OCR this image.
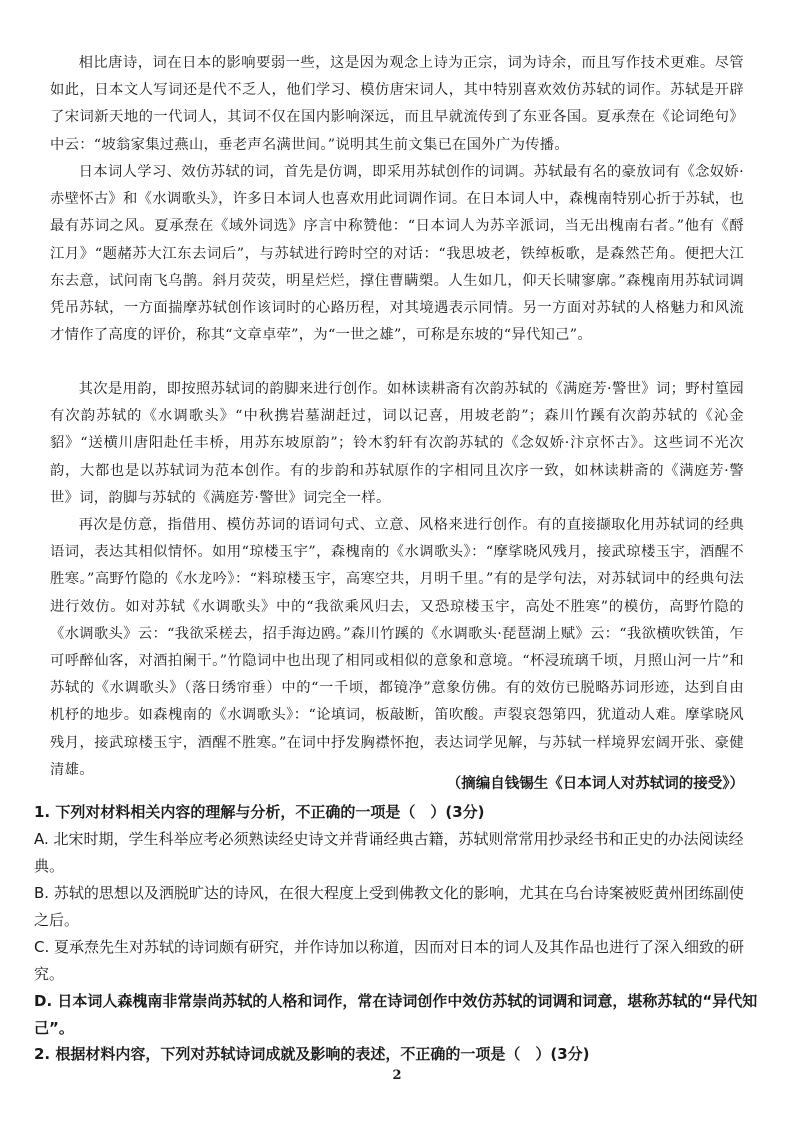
相比唐诗，词在日本的影响要弱一些，这是因为观念上诗为正宗，词为诗余，而且写作技术更难。尽管如此，日本文人写词还是代不乏人，他们学习、模仿唐宋词人，其中特别喜欢效仿苏轼的词作。苏轼是开辟了宋词新天地的一代词人，其词不仅在国内影响深远，而且早就流传到了东亚各国。夏承焘在《论词绝句》中云：“坡翁家集过燕山，垂老声名满世间。”说明其生前文集已在国外广为传播。

日本词人学习、效仿苏轼的词，首先是仿调，即采用苏轼创作的词调。苏轼最有名的豪放词有《念奴娇·赤壁怀古》和《水调歌头》，许多日本词人也喜欢用此词调作词。在日本词人中，森槐南特别心折于苏轼，也最有苏词之风。夏承焘在《域外词选》序言中称赞他：“日本词人为苏辛派词，当无出槐南右者。”他有《酹江月》“题赭苏大江东去词后”，与苏轼进行跨时空的对话：“我思坡老，铁绰板歌，是森然芒角。便把大江东去意，试问南飞乌鹊。斜月荧荧，明星烂烂，撑住曹瞒槊。人生如几，仰天长啸寥廓。”森槐南用苏轼词调凭吊苏轼，一方面揣摩苏轼创作该词时的心路历程，对其境遇表示同情。另一方面对苏轼的人格魅力和风流才情作了高度的评价，称其“文章卓荦”，为“一世之雄”，可称是东坡的“异代知己”。

其次是用韵，即按照苏轼词的韵脚来进行创作。如林读耕斋有次韵苏轼的《满庭芳·警世》词；野村篁园有次韵苏轼的《水调歌头》“中秋携岩墓湖赶过，词以记喜，用坡老韵”；森川竹蹊有次韵苏轼的《沁金貂》“送横川唐阳赴任丰桥，用苏东坡原韵”；铃木豹轩有次韵苏轼的《念奴娇·汴京怀古》。这些词不光次韵，大都也是以苏轼词为范本创作。有的步韵和苏轼原作的字相同且次序一致，如林读耕斋的《满庭芳·警世》词，韵脚与苏轼的《满庭芳·警世》词完全一样。

再次是仿意，指借用、模仿苏词的语词句式、立意、风格来进行创作。有的直接撷取化用苏轼词的经典语词，表达其相似情怀。如用“琼楼玉宇”，森槐南的《水调歌头》：“摩挲晓风残月，接武琼楼玉宇，酒醒不胜寒。”高野竹隐的《水龙吟》：“料琼楼玉宇，高寒空共，月明千里。”有的是学句法，对苏轼词中的经典句法进行效仿。如对苏轼《水调歌头》中的“我欲乘风归去，又恐琼楼玉宇，高处不胜寒”的模仿，高野竹隐的《水调歌头》云：“我欲采槎去，招手海边鸥。”森川竹蹊的《水调歌头·琵琶湖上赋》云：“我欲横吹铁笛，乍可呼醉仙客，对酒拍阑干。”竹隐词中也出现了相同或相似的意象和意境。“杯浸琉璃千顷，月照山河一片”和苏轼的《水调歌头》（落日绣帘垂）中的“一千顷，都镜净”意象仿佛。有的效仿已脱略苏词形迹，达到自由机杼的地步。如森槐南的《水调歌头》：“论填词，板敲断，笛吹酸。声裂哀怨第四，犹道动人难。摩挲晓风残月，接武琼楼玉宇，酒醒不胜寒。”在词中抒发胸襟怀抱，表达词学见解，与苏轼一样境界宏阔开张、豪健清雄。

（摘编自钱锡生《日本词人对苏轼词的接受》）

1. 下列对材料相关内容的理解与分析，不正确的一项是（　）(3分)

A. 北宋时期，学生科举应考必须熟读经史诗文并背诵经典古籍，苏轼则常常用抄录经书和正史的办法阅读经典。

B. 苏轼的思想以及洒脱旷达的诗风，在很大程度上受到佛教文化的影响，尤其在乌台诗案被贬黄州团练副使之后。

C. 夏承焘先生对苏轼的诗词颇有研究，并作诗加以称道，因而对日本的词人及其作品也进行了深入细致的研究。

D. 日本词人森槐南非常崇尚苏轼的人格和词作，常在诗词创作中效仿苏轼的词调和词意，堪称苏轼的“异代知己”。

2. 根据材料内容，下列对苏轼诗词成就及影响的表述，不正确的一项是（　）(3分)

2
